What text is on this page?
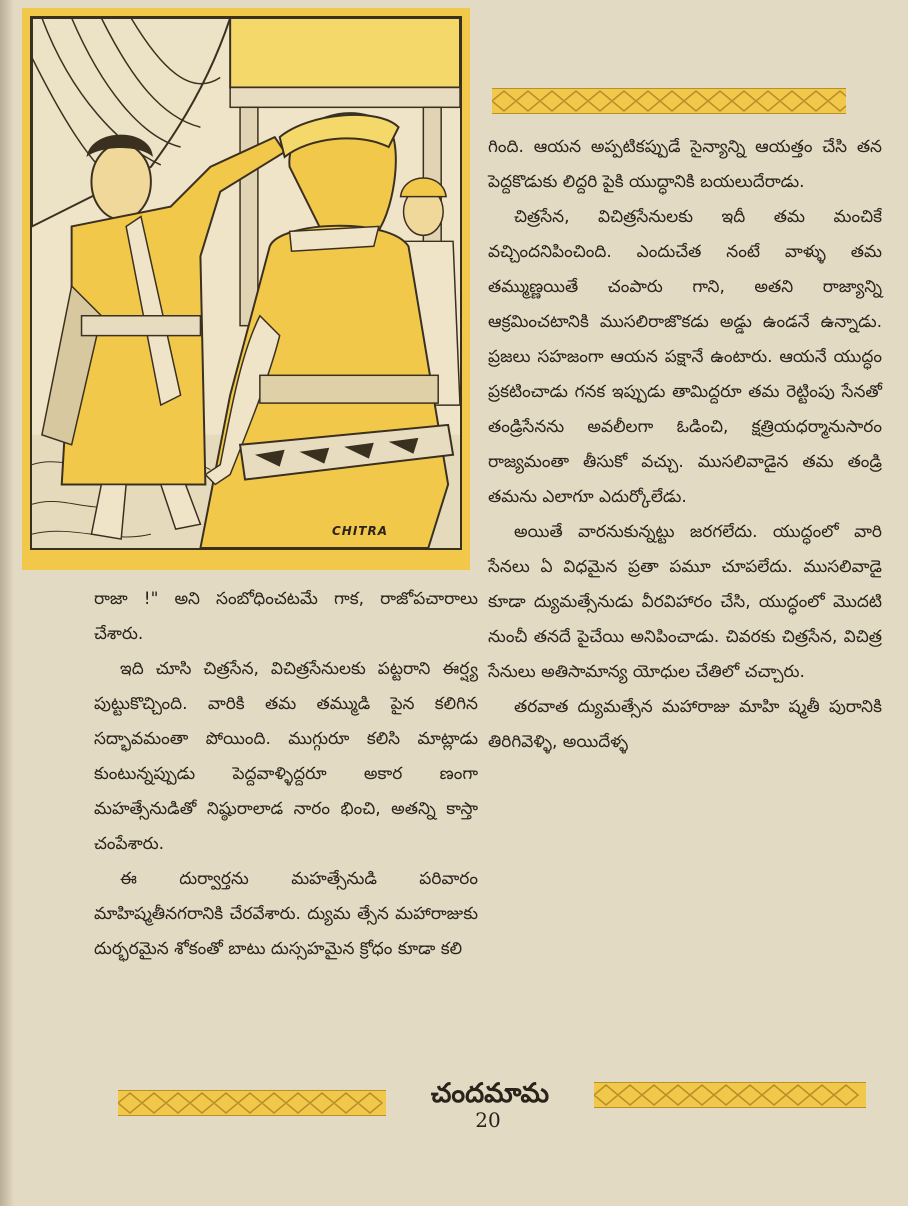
CHITRA

గింది. ఆయన అప్పటికప్పుడే సైన్యాన్ని ఆయత్తం చేసి తన పెద్దకొడుకు లిద్దరి పైకి యుద్ధానికి బయలుదేరాడు.

చిత్రసేన, విచిత్రసేనులకు ఇదీ తమ మంచికే వచ్చిందనిపించింది. ఎందుచేత నంటే వాళ్ళు తమ తమ్ముణ్ణయితే చంపారు గాని, అతని రాజ్యాన్ని ఆక్రమించటానికి ముసలిరాజొకడు అడ్డు ఉండనే ఉన్నాడు. ప్రజలు సహజంగా ఆయన పక్షానే ఉంటారు. ఆయనే యుద్ధం ప్రకటించాడు గనక ఇప్పుడు తామిద్దరూ తమ రెట్టింపు సేనతో తండ్రిసేనను అవలీలగా ఓడించి, క్షత్రియధర్మానుసారం రాజ్యమంతా తీసుకో వచ్చు. ముసలివాడైన తమ తండ్రి తమను ఎలాగూ ఎదుర్కోలేడు.

అయితే వారనుకున్నట్టు జరగలేదు. యుద్ధంలో వారి సేనలు ఏ విధమైన ప్రతా పమూ చూపలేదు. ముసలివాడై కూడా ద్యుమత్సేనుడు వీరవిహారం చేసి, యుద్ధంలో మొదటి నుంచీ తనదే పైచేయి అనిపించాడు. చివరకు చిత్రసేన, విచిత్ర సేనులు అతిసామాన్య యోధుల చేతిలో చచ్చారు.

తరవాత ద్యుమత్సేన మహారాజు మాహి ష్మతీ పురానికి తిరిగివెళ్ళి, అయిదేళ్ళ

రాజా !" అని సంబోధించటమే గాక, రాజోపచారాలు చేశారు.

ఇది చూసి చిత్రసేన, విచిత్రసేనులకు పట్టరాని ఈర్ష్య పుట్టుకొచ్చింది. వారికి తమ తమ్ముడి పైన కలిగిన సద్భావమంతా పోయింది. ముగ్గురూ కలిసి మాట్లాడు కుంటున్నప్పుడు పెద్దవాళ్ళిద్దరూ అకార ణంగా మహత్సేనుడితో నిష్ఠురాలాడ నారం భించి, అతన్ని కాస్తా చంపేశారు.

ఈ దుర్వార్తను మహత్సేనుడి పరివారం మాహిష్మతీనగరానికి చేరవేశారు. ద్యుమ త్సేన మహారాజుకు దుర్భరమైన శోకంతో బాటు దుస్సహమైన క్రోధం కూడా కలి

చందమామ
20
